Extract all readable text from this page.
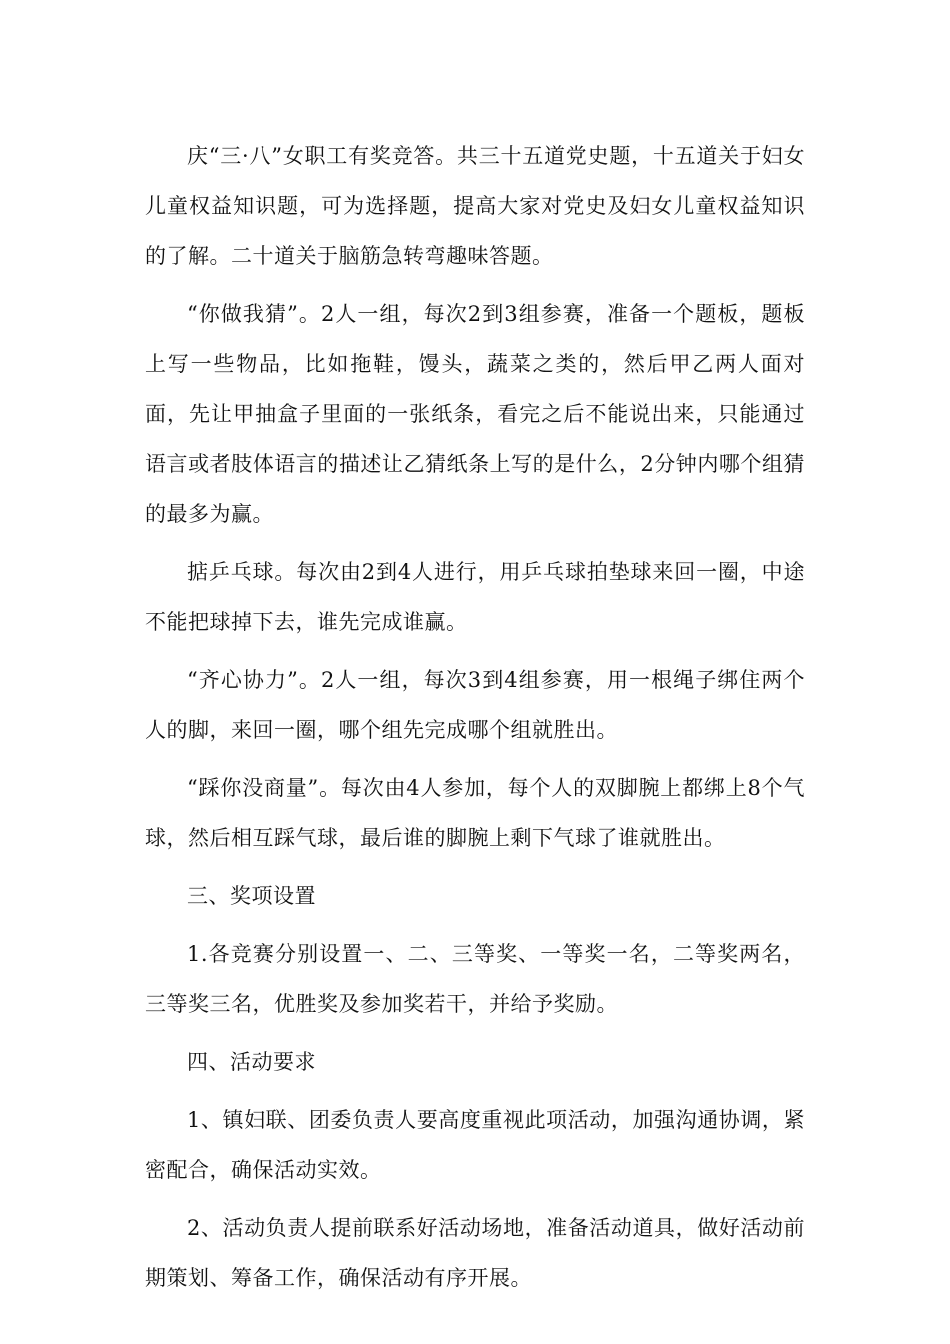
庆“三·八”女职工有奖竞答。共三十五道党史题，十五道关于妇女儿童权益知识题，可为选择题，提高大家对党史及妇女儿童权益知识的了解。二十道关于脑筋急转弯趣味答题。

“你做我猜”。2人一组，每次2到3组参赛，准备一个题板，题板上写一些物品，比如拖鞋，馒头，蔬菜之类的，然后甲乙两人面对面，先让甲抽盒子里面的一张纸条，看完之后不能说出来，只能通过语言或者肢体语言的描述让乙猜纸条上写的是什么，2分钟内哪个组猜的最多为赢。

掂乒乓球。每次由2到4人进行，用乒乓球拍垫球来回一圈，中途不能把球掉下去，谁先完成谁赢。

“齐心协力”。2人一组，每次3到4组参赛，用一根绳子绑住两个人的脚，来回一圈，哪个组先完成哪个组就胜出。

“踩你没商量”。每次由4人参加，每个人的双脚腕上都绑上8个气球，然后相互踩气球，最后谁的脚腕上剩下气球了谁就胜出。

三、奖项设置

1.各竞赛分别设置一、二、三等奖、一等奖一名，二等奖两名，三等奖三名，优胜奖及参加奖若干，并给予奖励。

四、活动要求

1、镇妇联、团委负责人要高度重视此项活动，加强沟通协调，紧密配合，确保活动实效。

2、活动负责人提前联系好活动场地，准备活动道具，做好活动前期策划、筹备工作，确保活动有序开展。
